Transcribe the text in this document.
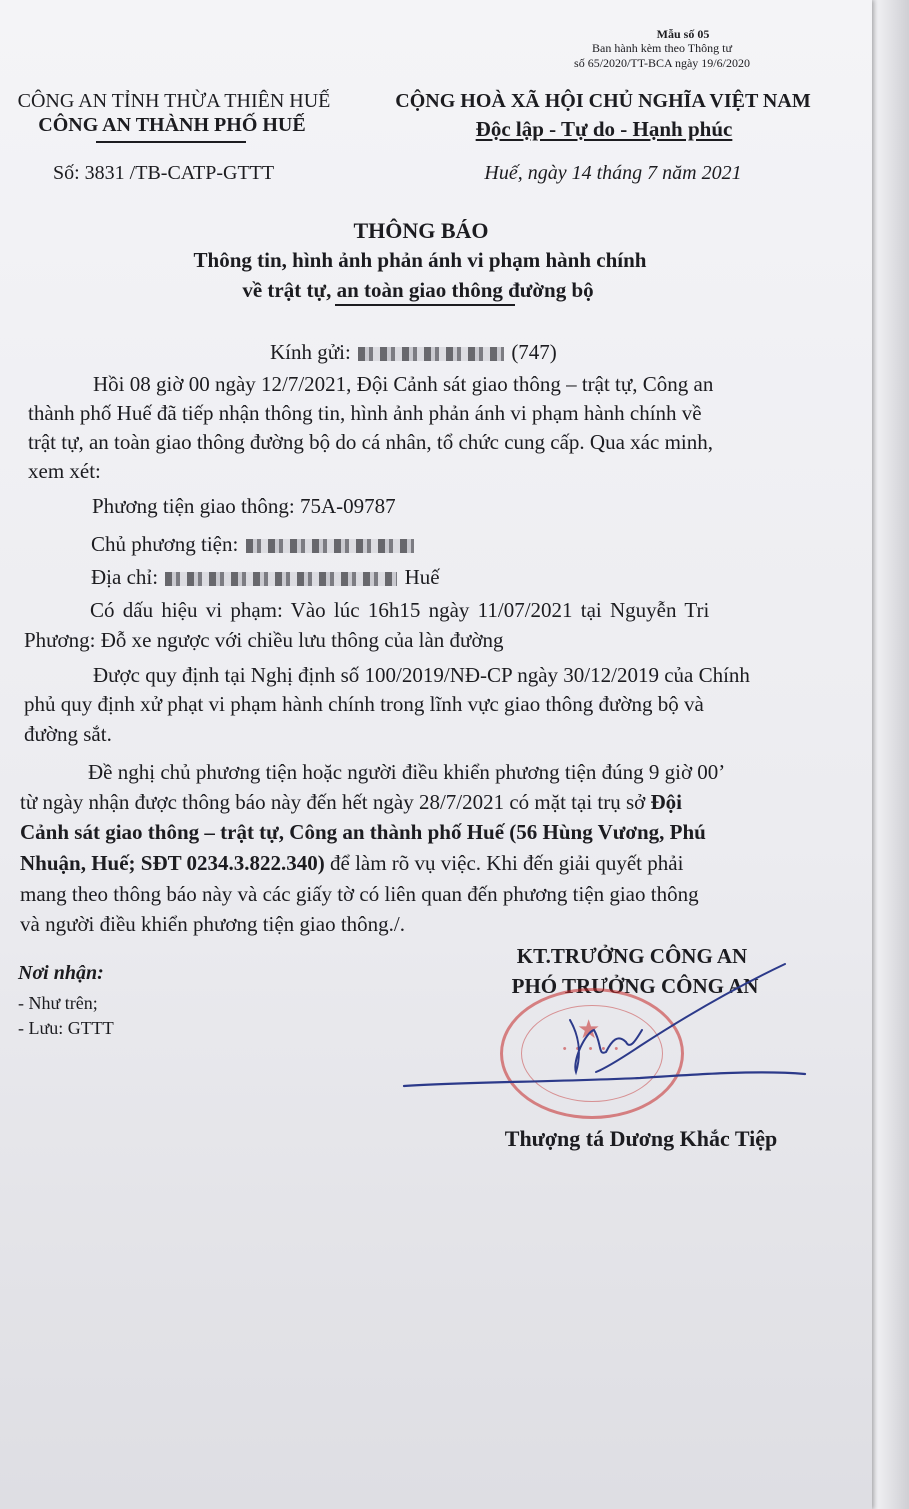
Mẫu số 05
Ban hành kèm theo Thông tư
số 65/2020/TT-BCA ngày 19/6/2020
CÔNG AN TỈNH THỪA THIÊN HUẾ
CÔNG AN THÀNH PHỐ HUẾ
Số: 3831 /TB-CATP-GTTT
CỘNG HOÀ XÃ HỘI CHỦ NGHĨA VIỆT NAM
Độc lập - Tự do - Hạnh phúc
Huế, ngày 14 tháng 7 năm 2021
THÔNG BÁO
Thông tin, hình ảnh phản ánh vi phạm hành chính
về trật tự, an toàn giao thông đường bộ
Kính gửi:	(747)
Hồi 08 giờ 00 ngày 12/7/2021, Đội Cảnh sát giao thông – trật tự, Công an
thành phố Huế đã tiếp nhận thông tin, hình ảnh phản ánh vi phạm hành chính về
trật tự, an toàn giao thông đường bộ do cá nhân, tổ chức cung cấp. Qua xác minh,
xem xét:
Phương tiện giao thông: 75A-09787
Chủ phương tiện:
Địa chỉ:	Huế
Có dấu hiệu vi phạm: Vào lúc 16h15 ngày 11/07/2021 tại Nguyễn Tri
Phương: Đỗ xe ngược với chiều lưu thông của làn đường
Được quy định tại Nghị định số 100/2019/NĐ-CP ngày 30/12/2019 của Chính
phủ quy định xử phạt vi phạm hành chính trong lĩnh vực giao thông đường bộ và
đường sắt.
Đề nghị chủ phương tiện hoặc người điều khiển phương tiện đúng 9 giờ 00’
từ ngày nhận được thông báo này đến hết ngày 28/7/2021 có mặt tại trụ sở Đội
Cảnh sát giao thông – trật tự, Công an thành phố Huế (56 Hùng Vương, Phú
Nhuận, Huế; SĐT 0234.3.822.340) để làm rõ vụ việc. Khi đến giải quyết phải
mang theo thông báo này và các giấy tờ có liên quan đến phương tiện giao thông
và người điều khiển phương tiện giao thông./.
Nơi nhận:
- Như trên;
- Lưu: GTTT
KT.TRƯỞNG CÔNG AN
PHÓ TRƯỞNG CÔNG AN
★
• • • • •
Thượng tá Dương Khắc Tiệp
